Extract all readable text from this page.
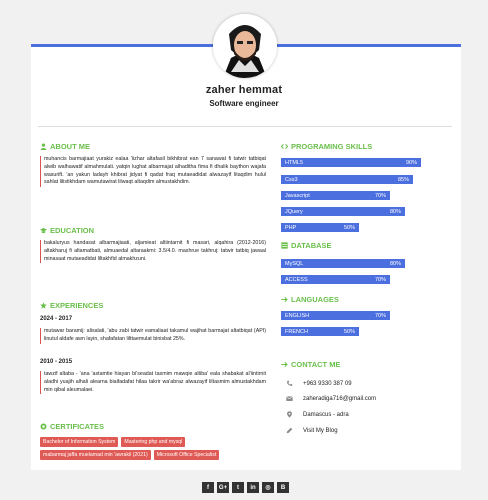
zaher hemmat
Software engineer
ABOUT ME
muhancis barmajiaat yurakiz ealaa 'iizhar altafasil bikhibrat ean 7 sanawat fi tatwir tatbiqat alwib walhawatif almahmulati. yatqin lughat albarmajat alhaditha fima fi dhalik baython wajafa wasurift. 'an yakun ladayh khibrat jidyat fi qadat fraq mutaeadidat alwazayif litaqdim hulul sahlat lilistikhdam wamutawirat lilwaqt altaqdim almustakhdim.
EDUCATION
bakaluryus handasat albarmajiaati, aljamieat altiintarnit fi masari, alqahira (2012-2016) altakharuj fi altamatbati, almuaedal altaraakmi: 3.5/4.0. mashrue takhruj: tatwir tatbiq jawaal minasaat mutaeadidat liltakhfid almakhzuni.
EXPERIENCES
2024 - 2017
mutawar baramij: alisalati, 'abu zabi tatwir eamaliaat takamul wajihat barmajat altatbiqat (API) linutul aldafe awn layin, shafafatan lilttaemulat binisbat 25%.
2010 - 2015
tawzif altaba - 'ana 'astamtie hiayan bi'seadat tasmim mawqie altiba' eala shabakat al'iintirnit aladhi yuajih alhali alearna biaifadafat hilaa takrir wa'abraz alwazayif liltasmim almustakhdam min qibal aleumalaei.
CERTIFICATES
Bachelor of Information System	Mastering php and mysql
mabarmaj jaffa muelamad min 'awrakil (2021)	Microsoft Office Specialist
PROGRAMING SKILLS
HTML5	90%
Css3	85%
Javascript	70%
JQuery	80%
PHP	50%
DATABASE
MySQL	80%
ACCESS	70%
LANGUAGES
ENGLISH	70%
FRENCH	50%
CONTACT ME
+963 9330 387 09
zaheradiga716@gmail.com
Damascus - adra
Visit My Blog
f	G+	t	in	◎	B
